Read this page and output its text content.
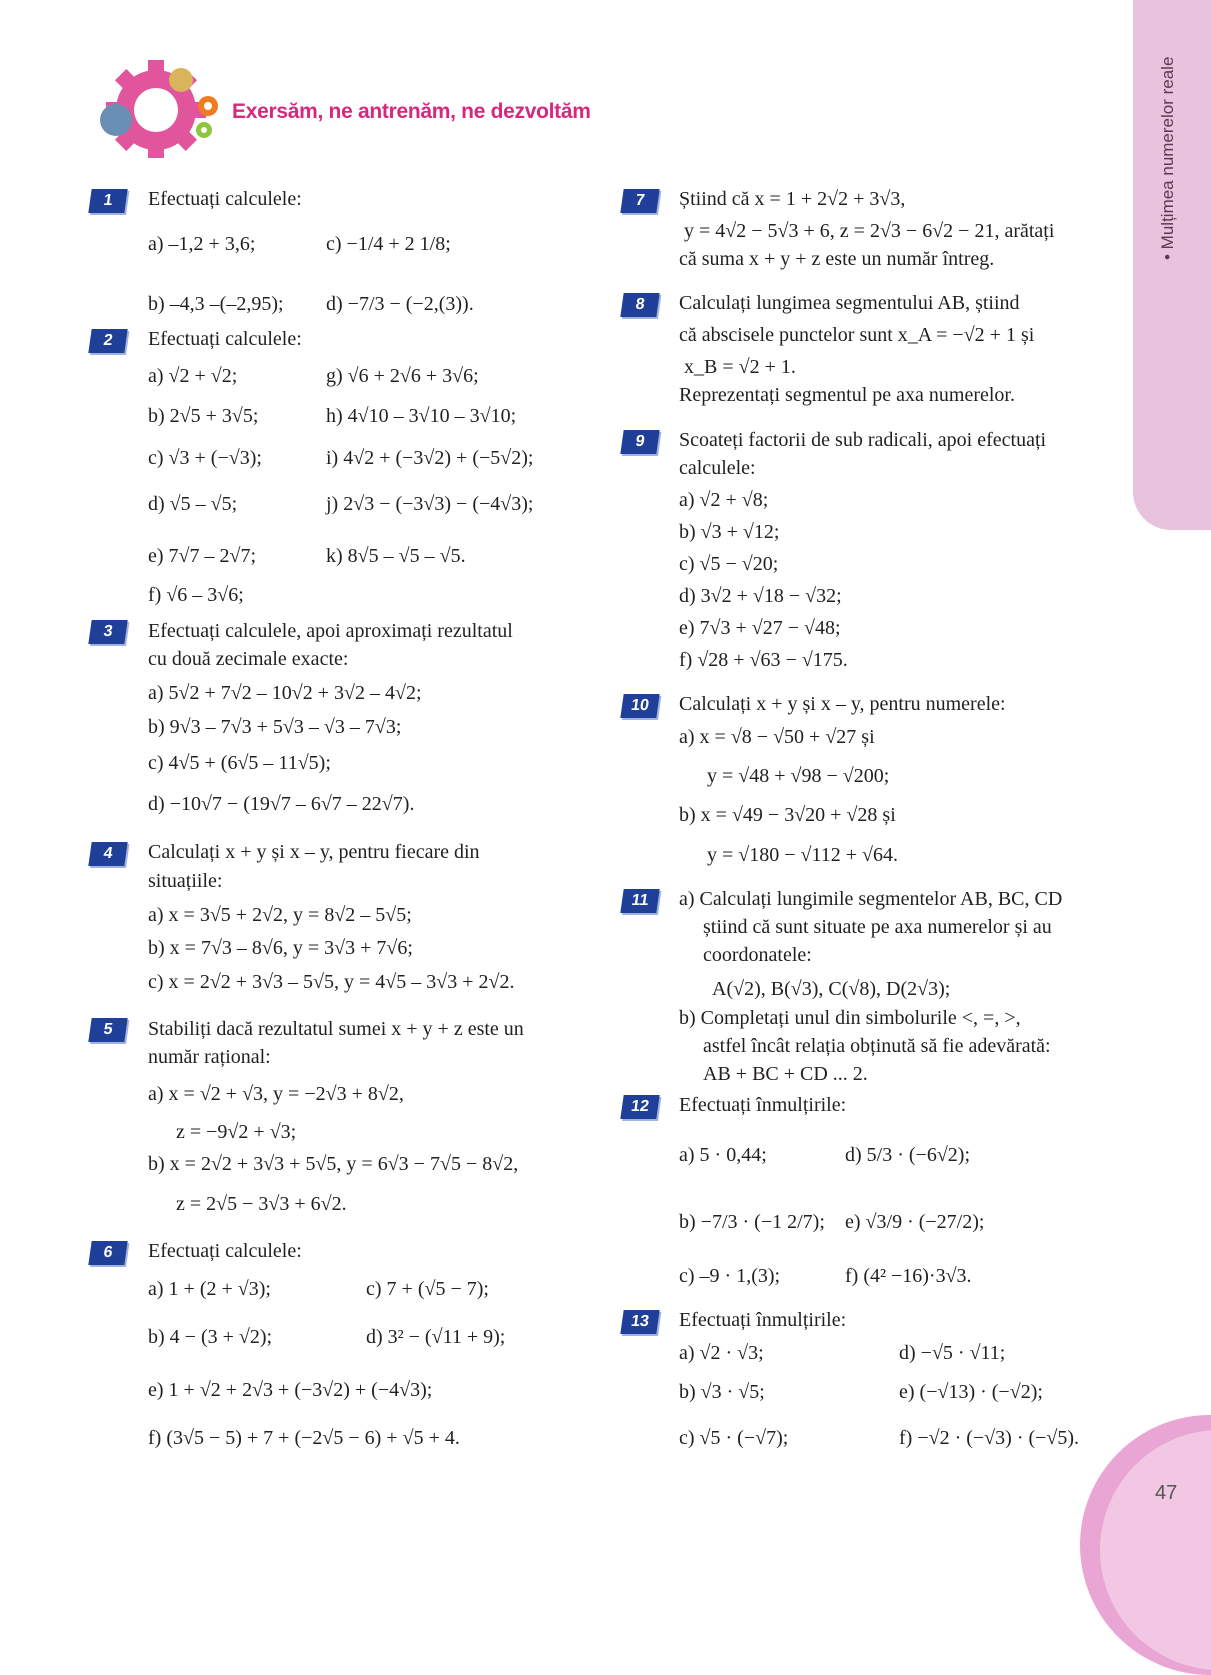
• Mulțimea numerelor reale
47
Exersăm, ne antrenăm, ne dezvoltăm
1	Efectuați calculele:
a) –1,2 + 3,6;	c) −1/4 + 2 1/8;
b) –4,3 –(–2,95); d) −7/3 − (−2,(3)).
2	Efectuați calculele:
a) √2 + √2;	g) √6 + 2√6 + 3√6;
b) 2√5 + 3√5;	h) 4√10 – 3√10 – 3√10;
c) √3 + (−√3);	i) 4√2 + (−3√2) + (−5√2);
d) √5 – √5;	j) 2√3 − (−3√3) − (−4√3);
e) 7√7 – 2√7;	k) 8√5 – √5 – √5.
f) √6 – 3√6;
3	Efectuați calculele, apoi aproximați rezultatul
cu două zecimale exacte:
a) 5√2 + 7√2 – 10√2 + 3√2 – 4√2;
b) 9√3 – 7√3 + 5√3 – √3 – 7√3;
c) 4√5 + (6√5 – 11√5);
d) −10√7 − (19√7 – 6√7 – 22√7).
4	Calculați x + y și x – y, pentru fiecare din
situațiile:
a) x = 3√5 + 2√2, y = 8√2 – 5√5;
b) x = 7√3 – 8√6, y = 3√3 + 7√6;
c) x = 2√2 + 3√3 – 5√5, y = 4√5 – 3√3 + 2√2.
5	Stabiliți dacă rezultatul sumei x + y + z este un
număr rațional:
a) x = √2 + √3, y = −2√3 + 8√2,
z = −9√2 + √3;
b) x = 2√2 + 3√3 + 5√5, y = 6√3 − 7√5 − 8√2,
z = 2√5 − 3√3 + 6√2.
6	Efectuați calculele:
a) 1 + (2 + √3);	c) 7 + (√5 − 7);
b) 4 − (3 + √2);	d) 3² − (√11 + 9);
e) 1 + √2 + 2√3 + (−3√2) + (−4√3);
f) (3√5 − 5) + 7 + (−2√5 − 6) + √5 + 4.
7	Știind că x = 1 + 2√2 + 3√3,
y = 4√2 − 5√3 + 6, z = 2√3 − 6√2 − 21, arătați
că suma x + y + z este un număr întreg.
8	Calculați lungimea segmentului AB, știind
că abscisele punctelor sunt x_A = −√2 + 1 și
x_B = √2 + 1.
Reprezentați segmentul pe axa numerelor.
9	Scoateți factorii de sub radicali, apoi efectuați
calculele:
a) √2 + √8;
b) √3 + √12;
c) √5 − √20;
d) 3√2 + √18 − √32;
e) 7√3 + √27 − √48;
f) √28 + √63 − √175.
10	Calculați x + y și x – y, pentru numerele:
a) x = √8 − √50 + √27 și
y = √48 + √98 − √200;
b) x = √49 − 3√20 + √28 și
y = √180 − √112 + √64.
11	a) Calculați lungimile segmentelor AB, BC, CD
știind că sunt situate pe axa numerelor și au
coordonatele:
A(√2), B(√3), C(√8), D(2√3);
b) Completați unul din simbolurile <, =, >,
astfel încât relația obținută să fie adevărată:
AB + BC + CD ... 2.
12	Efectuați înmulțirile:
a) 5 · 0,44;	d) 5/3 · (−6√2);
b) −7/3 · (−1 2/7); e) √3/9 · (−27/2);
c) –9 · 1,(3);	f) (4² −16)·3√3.
13	Efectuați înmulțirile:
a) √2 · √3;	d) −√5 · √11;
b) √3 · √5;	e) (−√13) · (−√2);
c) √5 · (−√7);	f) −√2 · (−√3) · (−√5).
